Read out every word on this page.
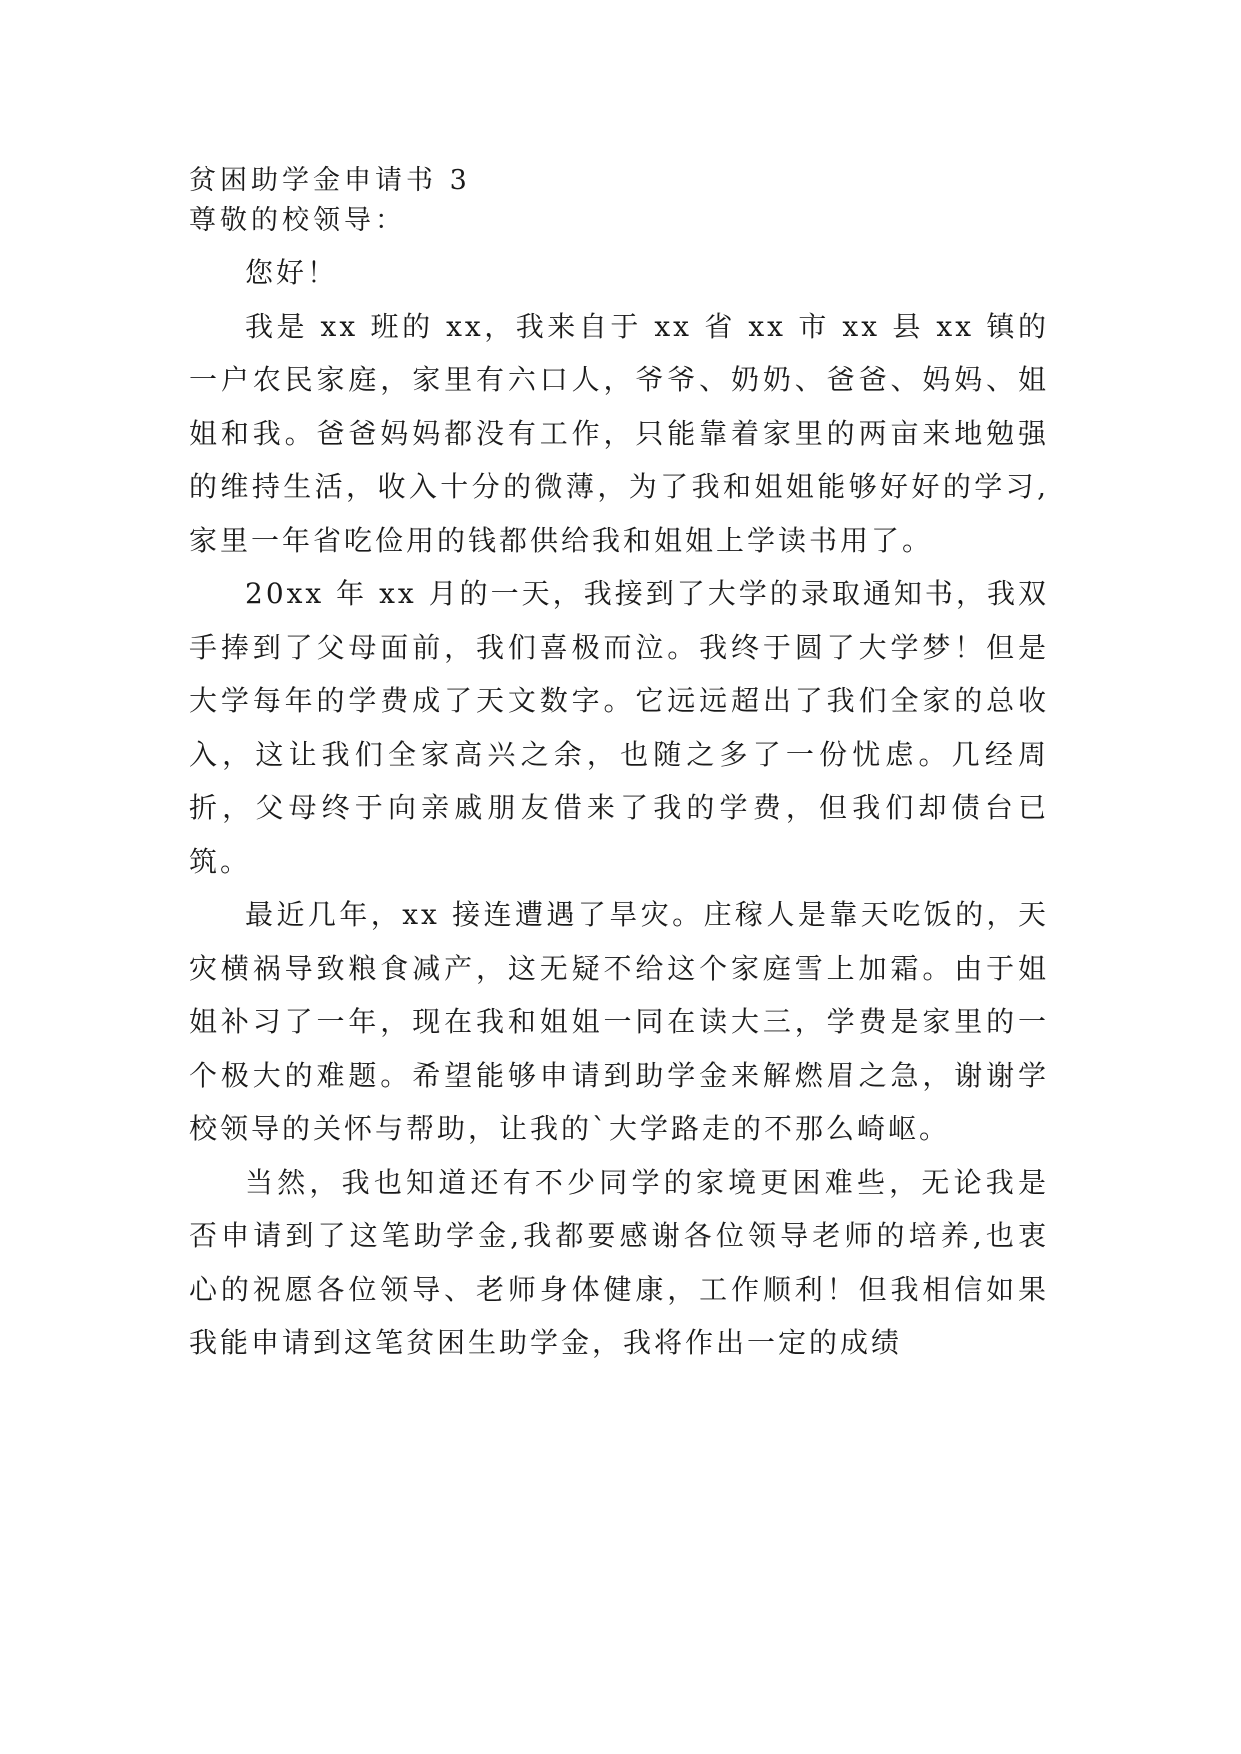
贫困助学金申请书 3
尊敬的校领导：

您好！

我是 xx 班的 xx，我来自于 xx 省 xx 市 xx 县 xx 镇的一户农民家庭，家里有六口人，爷爷、奶奶、爸爸、妈妈、姐姐和我。爸爸妈妈都没有工作，只能靠着家里的两亩来地勉强的维持生活，收入十分的微薄，为了我和姐姐能够好好的学习,家里一年省吃俭用的钱都供给我和姐姐上学读书用了。

20xx 年 xx 月的一天，我接到了大学的录取通知书，我双手捧到了父母面前，我们喜极而泣。我终于圆了大学梦！但是大学每年的学费成了天文数字。它远远超出了我们全家的总收入，这让我们全家高兴之余，也随之多了一份忧虑。几经周折，父母终于向亲戚朋友借来了我的学费，但我们却债台已筑。

最近几年，xx 接连遭遇了旱灾。庄稼人是靠天吃饭的，天灾横祸导致粮食减产，这无疑不给这个家庭雪上加霜。由于姐姐补习了一年，现在我和姐姐一同在读大三，学费是家里的一个极大的难题。希望能够申请到助学金来解燃眉之急，谢谢学校领导的关怀与帮助，让我的`大学路走的不那么崎岖。

当然，我也知道还有不少同学的家境更困难些，无论我是否申请到了这笔助学金,我都要感谢各位领导老师的培养,也衷心的祝愿各位领导、老师身体健康，工作顺利！但我相信如果我能申请到这笔贫困生助学金，我将作出一定的成绩
